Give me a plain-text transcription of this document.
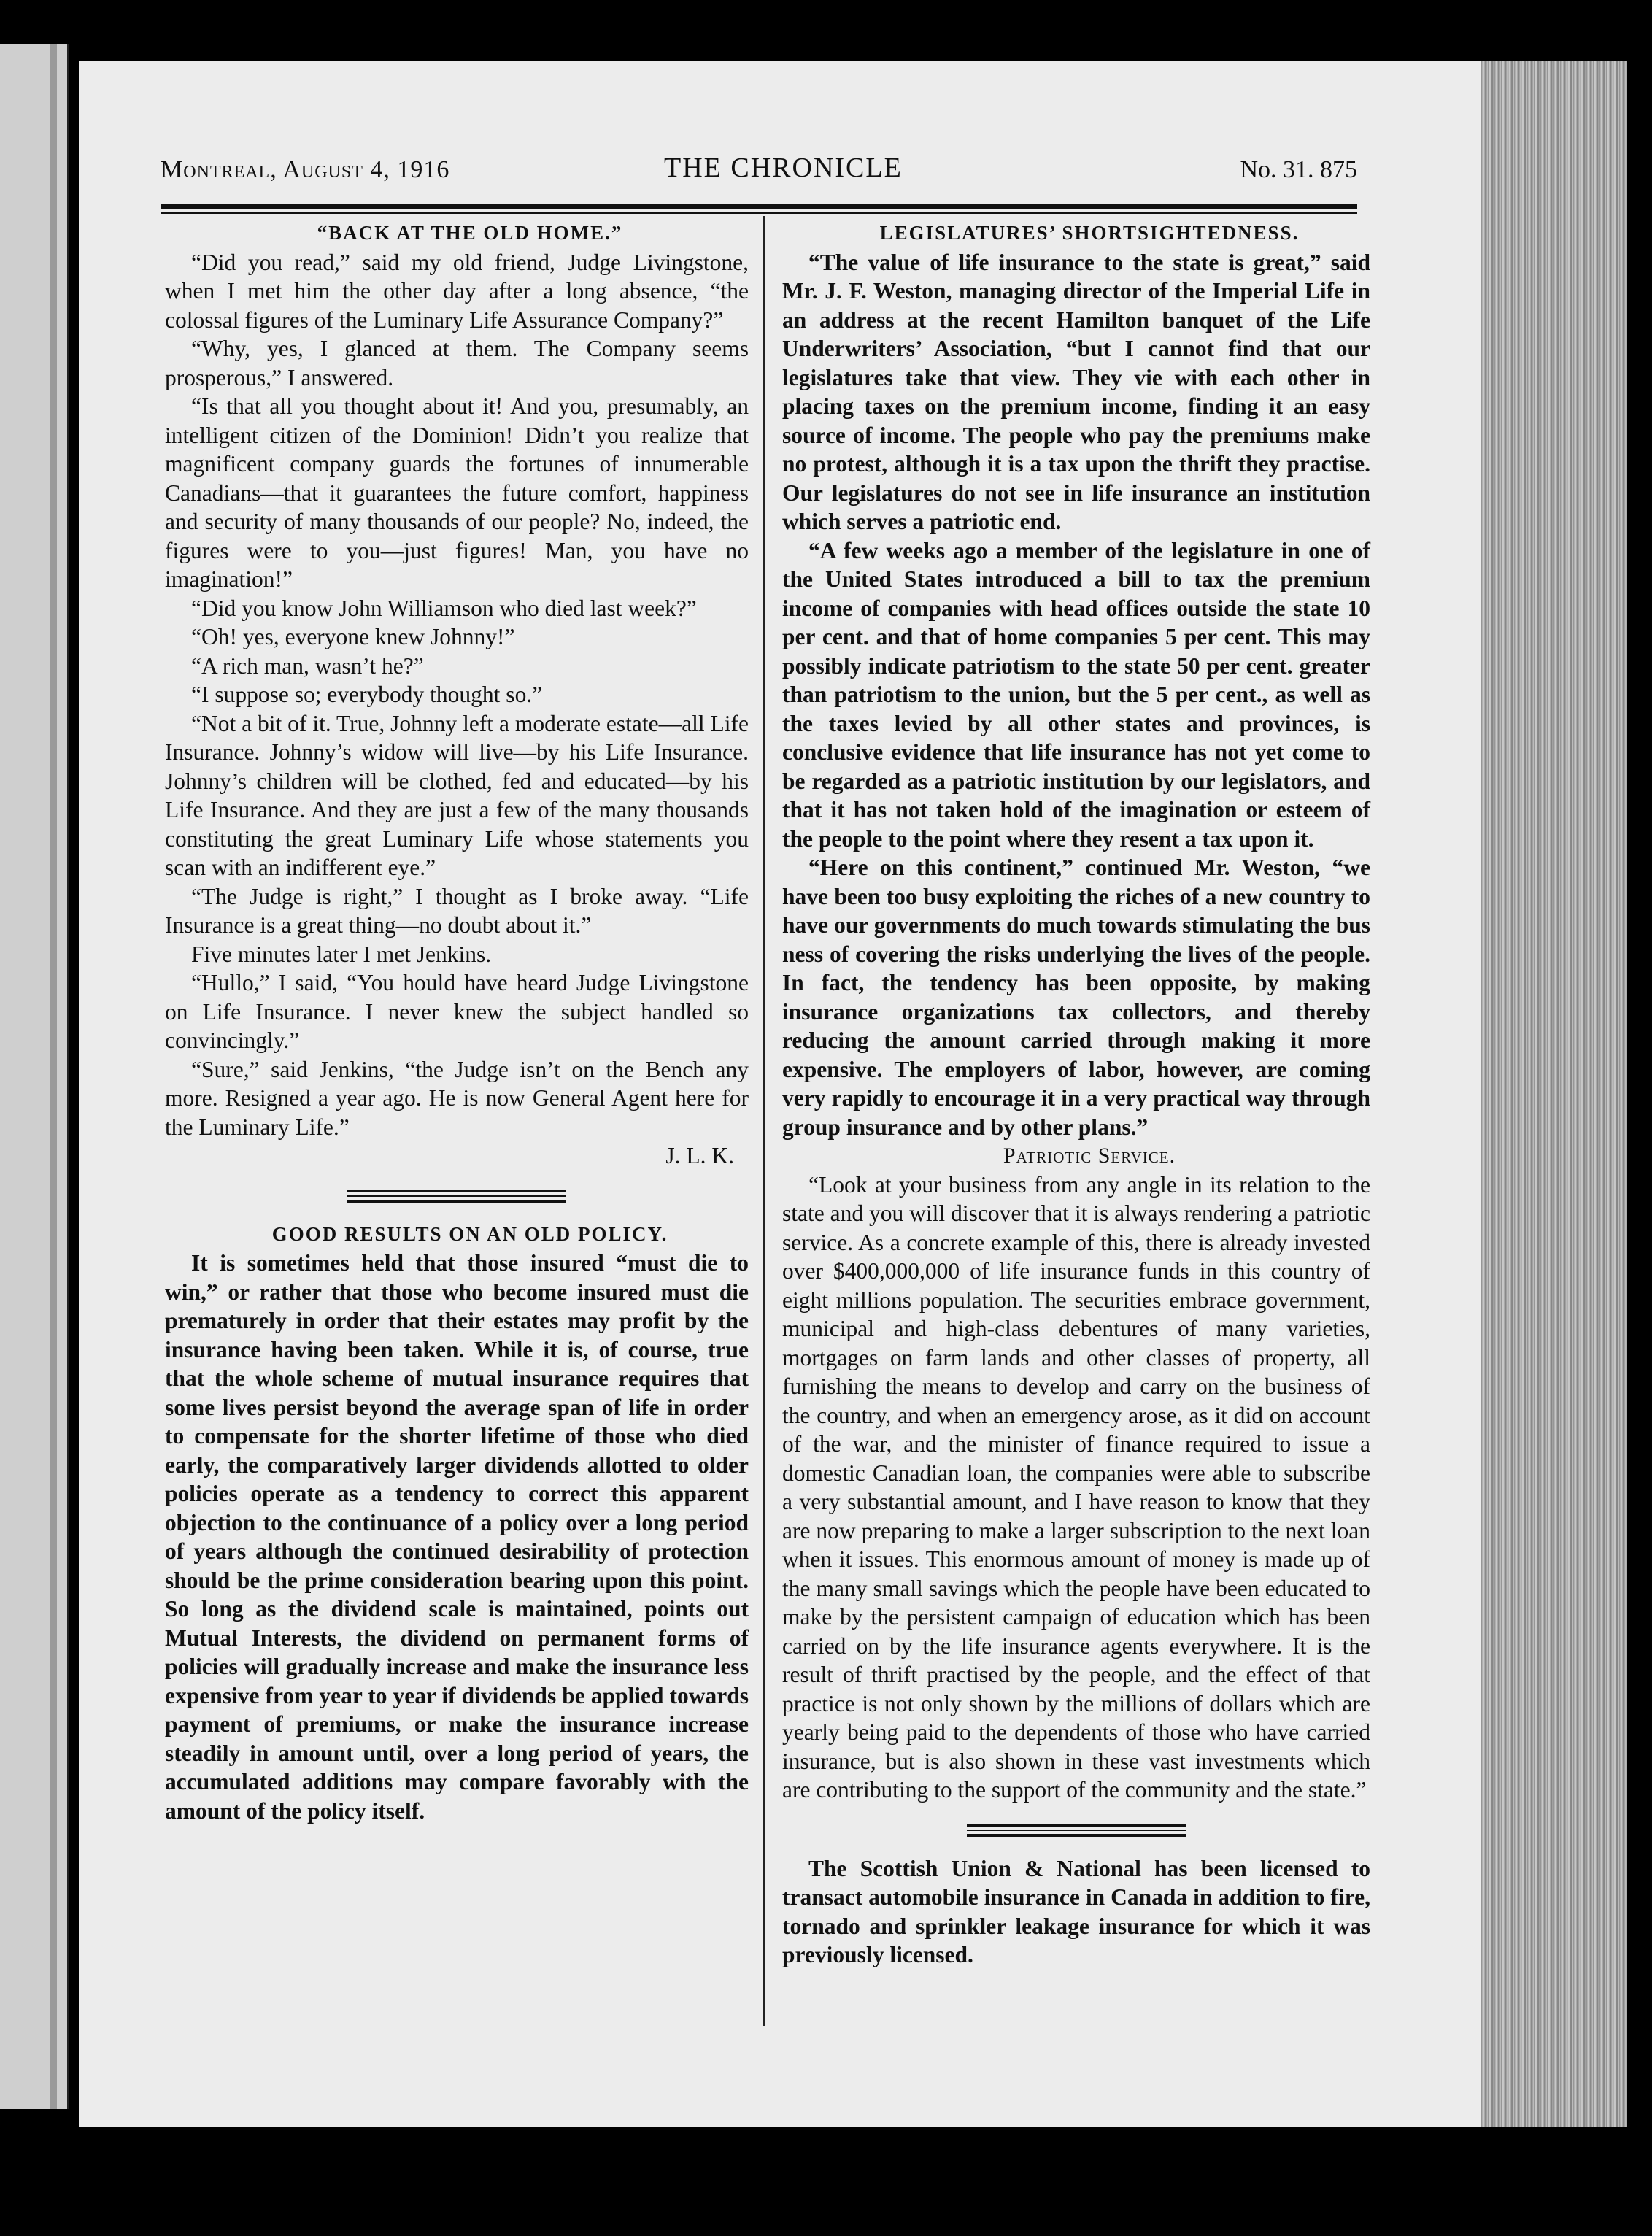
Montreal, August 4, 1916	THE CHRONICLE	No. 31. 875

“BACK AT THE OLD HOME.”

“Did you read,” said my old friend, Judge Livingstone, when I met him the other day after a long absence, “the colossal figures of the Luminary Life Assurance Company?”

“Why, yes, I glanced at them. The Company seems prosperous,” I answered.

“Is that all you thought about it! And you, presumably, an intelligent citizen of the Dominion! Didn’t you realize that magnificent company guards the fortunes of innumerable Canadians—that it guarantees the future comfort, happiness and security of many thousands of our people? No, indeed, the figures were to you—just figures! Man, you have no imagination!”

“Did you know John Williamson who died last week?”

“Oh! yes, everyone knew Johnny!”

“A rich man, wasn’t he?”

“I suppose so; everybody thought so.”

“Not a bit of it. True, Johnny left a moderate estate—all Life Insurance. Johnny’s widow will live—by his Life Insurance. Johnny’s children will be clothed, fed and educated—by his Life Insurance. And they are just a few of the many thousands constituting the great Luminary Life whose statements you scan with an indifferent eye.”

“The Judge is right,” I thought as I broke away. “Life Insurance is a great thing—no doubt about it.”

Five minutes later I met Jenkins.

“Hullo,” I said, “You hould have heard Judge Livingstone on Life Insurance. I never knew the subject handled so convincingly.”

“Sure,” said Jenkins, “the Judge isn’t on the Bench any more. Resigned a year ago. He is now General Agent here for the Luminary Life.”

J. L. K.

GOOD RESULTS ON AN OLD POLICY.

It is sometimes held that those insured “must die to win,” or rather that those who become insured must die prematurely in order that their estates may profit by the insurance having been taken. While it is, of course, true that the whole scheme of mutual insurance requires that some lives persist beyond the average span of life in order to compensate for the shorter lifetime of those who died early, the comparatively larger dividends allotted to older policies operate as a tendency to correct this apparent objection to the continuance of a policy over a long period of years although the continued desirability of protection should be the prime consideration bearing upon this point. So long as the dividend scale is maintained, points out Mutual Interests, the dividend on permanent forms of policies will gradually increase and make the insurance less expensive from year to year if dividends be applied towards payment of premiums, or make the insurance increase steadily in amount until, over a long period of years, the accumulated additions may compare favorably with the amount of the policy itself.

LEGISLATURES’ SHORTSIGHTEDNESS.

“The value of life insurance to the state is great,” said Mr. J. F. Weston, managing director of the Imperial Life in an address at the recent Hamilton banquet of the Life Underwriters’ Association, “but I cannot find that our legislatures take that view. They vie with each other in placing taxes on the premium income, finding it an easy source of income. The people who pay the premiums make no protest, although it is a tax upon the thrift they practise. Our legislatures do not see in life insurance an institution which serves a patriotic end.

“A few weeks ago a member of the legislature in one of the United States introduced a bill to tax the premium income of companies with head offices outside the state 10 per cent. and that of home companies 5 per cent. This may possibly indicate patriotism to the state 50 per cent. greater than patriotism to the union, but the 5 per cent., as well as the taxes levied by all other states and provinces, is conclusive evidence that life insurance has not yet come to be regarded as a patriotic institution by our legislators, and that it has not taken hold of the imagination or esteem of the people to the point where they resent a tax upon it.

“Here on this continent,” continued Mr. Weston, “we have been too busy exploiting the riches of a new country to have our governments do much towards stimulating the bus ness of covering the risks underlying the lives of the people. In fact, the tendency has been opposite, by making insurance organizations tax collectors, and thereby reducing the amount carried through making it more expensive. The employers of labor, however, are coming very rapidly to encourage it in a very practical way through group insurance and by other plans.”

Patriotic Service.

“Look at your business from any angle in its relation to the state and you will discover that it is always rendering a patriotic service. As a concrete example of this, there is already invested over $400,000,000 of life insurance funds in this country of eight millions population. The securities embrace government, municipal and high-class debentures of many varieties, mortgages on farm lands and other classes of property, all furnishing the means to develop and carry on the business of the country, and when an emergency arose, as it did on account of the war, and the minister of finance required to issue a domestic Canadian loan, the companies were able to subscribe a very substantial amount, and I have reason to know that they are now preparing to make a larger subscription to the next loan when it issues. This enormous amount of money is made up of the many small savings which the people have been educated to make by the persistent campaign of education which has been carried on by the life insurance agents everywhere. It is the result of thrift practised by the people, and the effect of that practice is not only shown by the millions of dollars which are yearly being paid to the dependents of those who have carried insurance, but is also shown in these vast investments which are contributing to the support of the community and the state.”

The Scottish Union & National has been licensed to transact automobile insurance in Canada in addition to fire, tornado and sprinkler leakage insurance for which it was previously licensed.
